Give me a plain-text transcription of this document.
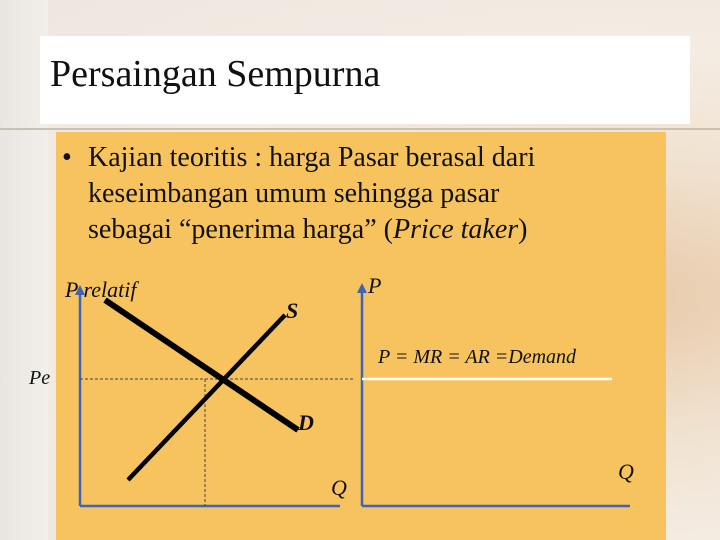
Persaingan Sempurna
• Kajian teoritis : harga Pasar berasal dari
keseimbangan umum sehingga pasar
sebagai “penerima harga” (Price taker)
P relatif
Pe
S
D
Q
P
P = MR = AR =Demand
Q
